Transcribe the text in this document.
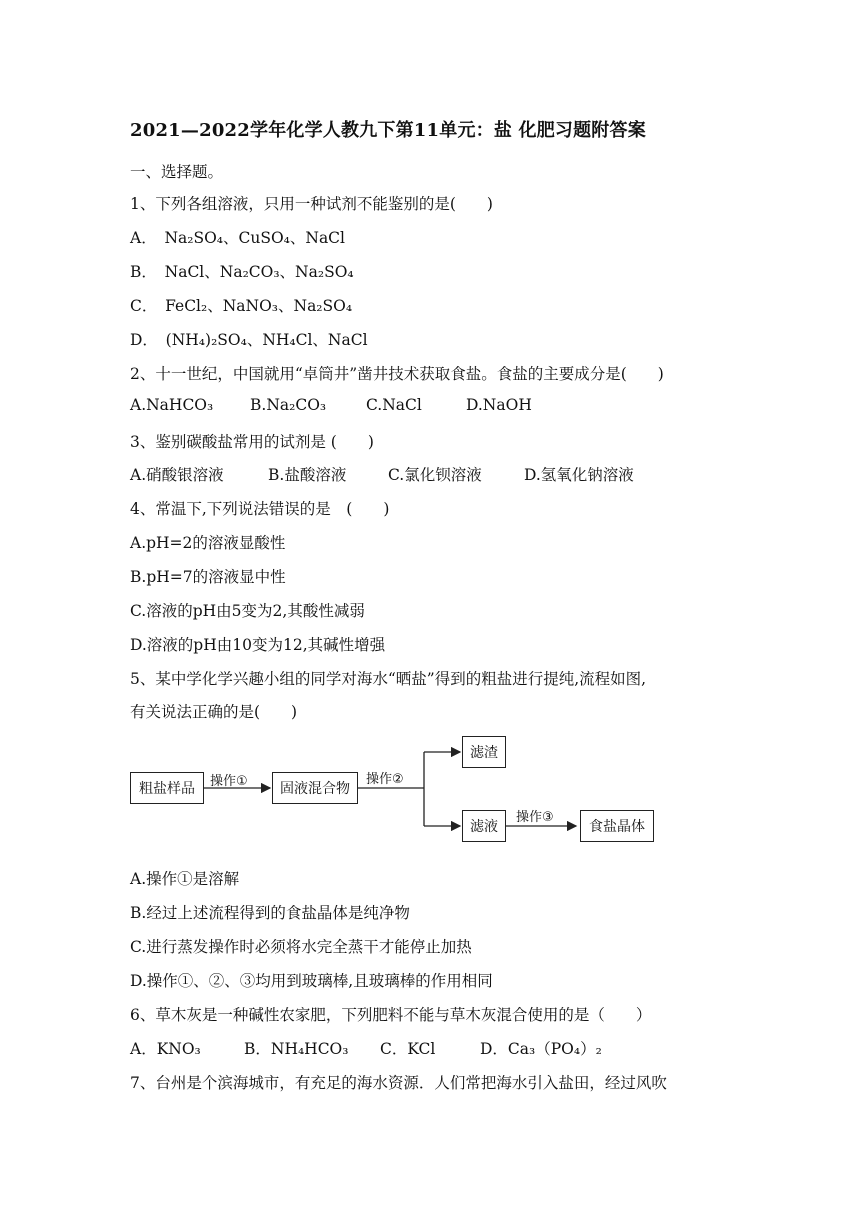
2021—2022学年化学人教九下第11单元：盐 化肥习题附答案
一、选择题。
1、下列各组溶液，只用一种试剂不能鉴别的是(　　)
A．　Na₂SO₄、CuSO₄、NaCl
B．　NaCl、Na₂CO₃、Na₂SO₄
C．　FeCl₂、NaNO₃、Na₂SO₄
D．　(NH₄)₂SO₄、NH₄Cl、NaCl
2、十一世纪，中国就用“卓筒井”凿井技术获取食盐。食盐的主要成分是(　　)
A.NaHCO₃ B.Na₂CO₃	C.NaCl	D.NaOH
3、鉴别碳酸盐常用的试剂是 (　　)
A.硝酸银溶液	B.盐酸溶液	C.氯化钡溶液	D.氢氧化钠溶液
4、常温下,下列说法错误的是　(　　)
A.pH=2的溶液显酸性
B.pH=7的溶液显中性
C.溶液的pH由5变为2,其酸性减弱
D.溶液的pH由10变为12,其碱性增强
5、某中学化学兴趣小组的同学对海水“晒盐”得到的粗盐进行提纯,流程如图,
有关说法正确的是(　　)
粗盐样品	操作①	固液混合物
操作②
滤渣
滤液
操作③
食盐晶体
A.操作①是溶解
B.经过上述流程得到的食盐晶体是纯净物
C.进行蒸发操作时必须将水完全蒸干才能停止加热
D.操作①、②、③均用到玻璃棒,且玻璃棒的作用相同
6、草木灰是一种碱性农家肥，下列肥料不能与草木灰混合使用的是（　　）
A．KNO₃	B．NH₄HCO₃ C．KCl	D．Ca₃（PO₄）₂
7、台州是个滨海城市，有充足的海水资源．人们常把海水引入盐田，经过风吹
